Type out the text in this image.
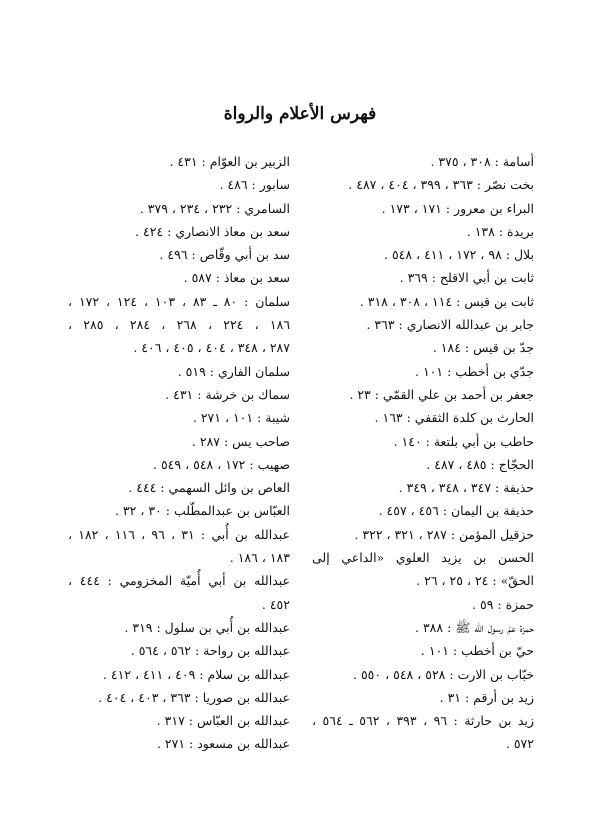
فهرس الأعلام والرواة
أسامة : ٣٠٨ ، ٣٧٥ .
بخت نصّر : ٣٦٣ ، ٣٩٩ ، ٤٠٤ ، ٤٨٧ .
البراء بن معرور : ١٧١ ، ١٧٣ .
بريدة : ١٣٨ .
بلال : ٩٨ ، ١٧٢ ، ٤١١ ، ٥٤٨ .
ثابت بن أبي الاقلح : ٣٦٩ .
ثابت بن قيس : ١١٤ ، ٣٠٨ ، ٣١٨ .
جابر بن عبدالله الانصاري : ٣٦٣ .
جدّ بن قيس : ١٨٤ .
جدّي بن أخطب : ١٠١ .
جعفر بن أحمد بن علي القمّي : ٢٣ .
الحارث بن كلدة الثقفي : ١٦٣ .
حاطب بن أبي بلتعة : ١٤٠ .
الحجّاج : ٤٨٥ ، ٤٨٧ .
حذيفة : ٣٤٧ ، ٣٤٨ ، ٣٤٩ .
حذيفة بن اليمان : ٤٥٦ ، ٤٥٧ .
حزقيل المؤمن : ٢٨٧ ، ٣٢١ ، ٣٢٢ .
الحسن بن يزيد العلوي «الداعي إلى
الحقّ» : ٢٤ ، ٢٥ ، ٢٦ .
حمزة : ٥٩ .
حمزة عمّ رسول الله ﷺ : ٣٨٨ .
حيّ بن أخطب : ١٠١ .
خبّاب بن الارت : ٥٢٨ ، ٥٤٨ ، ٥٥٠ .
زيد بن أرقم : ٣١ .
زيد بن حارثة : ٩٦ ، ٣٩٣ ، ٥٦٢ ـ ٥٦٤ ،
٥٧٢ .
الزبير بن العوّام : ٤٣١ .
سابور : ٤٨٦ .
السامري : ٢٣٢ ، ٢٣٤ ، ٣٧٩ .
سعد بن معاذ الانصاري : ٤٢٤ .
سد بن أبي وقّاص : ٤٩٦ .
سعد بن معاذ : ٥٨٧ .
سلمان : ٨٠ ـ ٨٣ ، ١٠٣ ، ١٢٤ ، ١٧٢ ،
١٨٦ ، ٢٢٤ ، ٢٦٨ ، ٢٨٤ ، ٢٨٥ ،
٢٨٧ ، ٣٤٨ ، ٤٠٤ ، ٤٠٥ ، ٤٠٦ .
سلمان الفاري : ٥١٩ .
سماك بن خرشة : ٤٣١ .
شيبة : ١٠١ ، ٢٧١ .
صاحب يس : ٢٨٧ .
صهيب : ١٧٢ ، ٥٤٨ ، ٥٤٩ .
العاص بن وائل السهمي : ٤٤٤ .
العبّاس بن عبدالمطّلب : ٣٠ ، ٣٢ .
عبدالله بن أُبي : ٣١ ، ٩٦ ، ١١٦ ، ١٨٢ ،
١٨٣ ، ١٨٦ .
عبدالله بن أبي أُميّة المخزومي : ٤٤٤ ،
٤٥٢ .
عبدالله بن أُبي بن سلول : ٣١٩ .
عبدالله بن رواحة : ٥٦٢ ، ٥٦٤ .
عبدالله بن سلام : ٤٠٩ ، ٤١١ ، ٤١٢ .
عبدالله بن صوريا : ٣٦٣ ، ٤٠٣ ، ٤٠٤ .
عبدالله بن العبّاس : ٣١٧ .
عبدالله بن مسعود : ٢٧١ .
